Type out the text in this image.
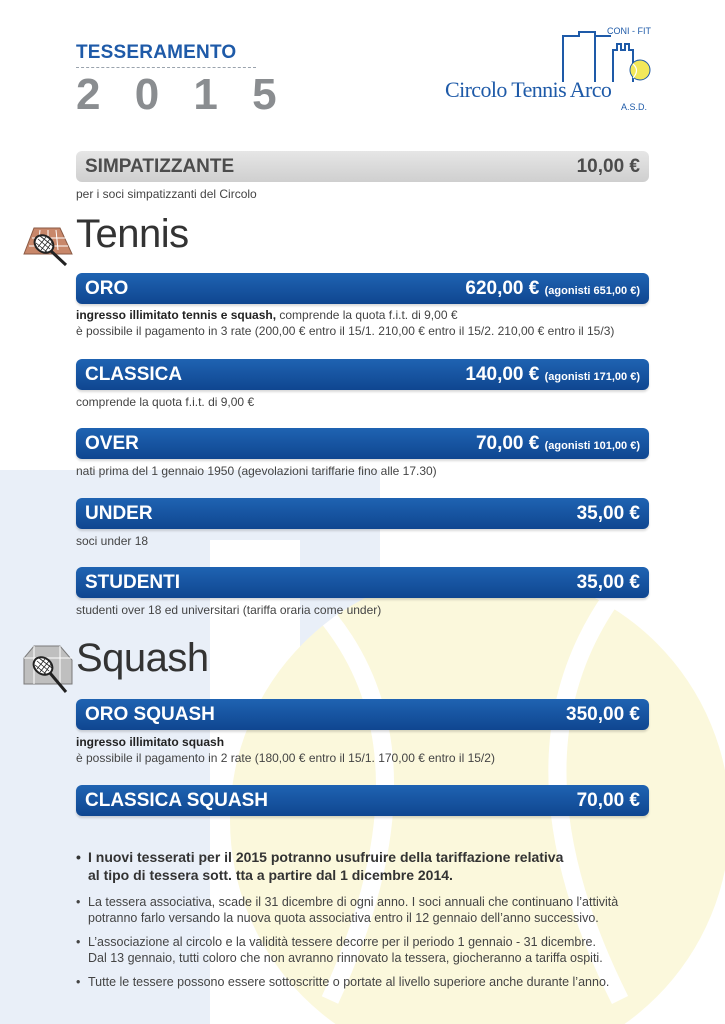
TESSERAMENTO
2 0 1 5
CONI - FIT
Circolo Tennis Arco
A.S.D.
SIMPATIZZANTE	10,00 €
per i soci simpatizzanti del Circolo
Tennis
ORO	620,00 € (agonisti 651,00 €)
ingresso illimitato tennis e squash, comprende la quota f.i.t. di 9,00 €
è possibile il pagamento in 3 rate (200,00 € entro il 15/1. 210,00 € entro il 15/2. 210,00 € entro il 15/3)
CLASSICA	140,00 € (agonisti 171,00 €)
comprende la quota f.i.t. di 9,00 €
OVER	70,00 € (agonisti 101,00 €)
nati prima del 1 gennaio 1950 (agevolazioni tariffarie fino alle 17.30)
UNDER	35,00 €
soci under 18
STUDENTI	35,00 €
studenti over 18 ed universitari (tariffa oraria come under)
Squash
ORO SQUASH	350,00 €
ingresso illimitato squash
è possibile il pagamento in 2 rate (180,00 € entro il 15/1. 170,00 € entro il 15/2)
CLASSICA SQUASH	70,00 €
• I nuovi tesserati per il 2015 potranno usufruire della tariffazione relativa
al tipo di tessera sott. tta a partire dal 1 dicembre 2014.
• La tessera associativa, scade il 31 dicembre di ogni anno. I soci annuali che continuano l’attività
potranno farlo versando la nuova quota associativa entro il 12 gennaio dell’anno successivo.
• L’associazione al circolo e la validità tessere decorre per il periodo 1 gennaio - 31 dicembre.
Dal 13 gennaio, tutti coloro che non avranno rinnovato la tessera, giocheranno a tariffa ospiti.
• Tutte le tessere possono essere sottoscritte o portate al livello superiore anche durante l’anno.
